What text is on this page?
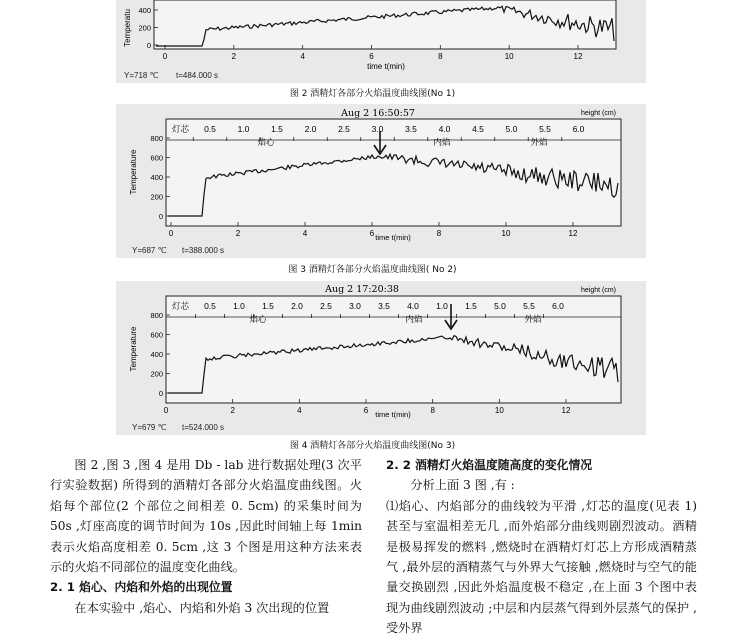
400
200
0
0	2	4	6	8	10	12
Temperatu
time t(min)
Y=718 ℃ t=484.000 s
图 2 酒精灯各部分火焰温度曲线图(No 1)
0.5	1.0	1.5	2.0	2.5	3.0	3.5	4.0	4.5	5.0	5.5	6.0
800
600
400
200
0
0	2	4	6	8	10	12
Aug 2 16:50:57	height (cm)
灯芯
焰心	内焰	外焰
Temperature
time t(min)
Y=687 ℃ t=388.000 s
图 3 酒精灯各部分火焰温度曲线图( No 2)
0.5 1.0 1.5 2.0 2.5 3.0 3.5 4.0 1.0 1.5 5.0 5.5 6.0
800
600
400
200
0
0	2	4	6	8	10	12
Aug 2 17:20:38	height (cm)
灯芯
焰心	内焰	外焰
Temperature
time t(min)
Y=679 ℃ t=524.000 s
图 4 酒精灯各部分火焰温度曲线图(No 3)

图 2 ,图 3 ,图 4 是用 Db - lab 进行数据处理(3 次平行实验数据) 所得到的酒精灯各部分火焰温度曲线图。火焰每个部位(2 个部位之间相差 0. 5cm) 的采集时间为 50s ,灯座高度的调节时间为 10s ,因此时间轴上每 1min 表示火焰高度相差 0. 5cm ,这 3 个图是用这种方法来表示的火焰不同部位的温度变化曲线。

2. 1 焰心、内焰和外焰的出现位置

在本实验中 ,焰心、内焰和外焰 3 次出现的位置

2. 2 酒精灯火焰温度随高度的变化情况

分析上面 3 图 ,有 :

⑴焰心、内焰部分的曲线较为平滑 ,灯芯的温度(见表 1) 甚至与室温相差无几 ,而外焰部分曲线则剧烈波动。酒精是极易挥发的燃料 ,燃烧时在酒精灯灯芯上方形成酒精蒸气 ,最外层的酒精蒸气与外界大气接触 ,燃烧时与空气的能量交换剧烈 ,因此外焰温度极不稳定 ,在上面 3 个图中表现为曲线剧烈波动 ;中层和内层蒸气得到外层蒸气的保护 ,受外界
